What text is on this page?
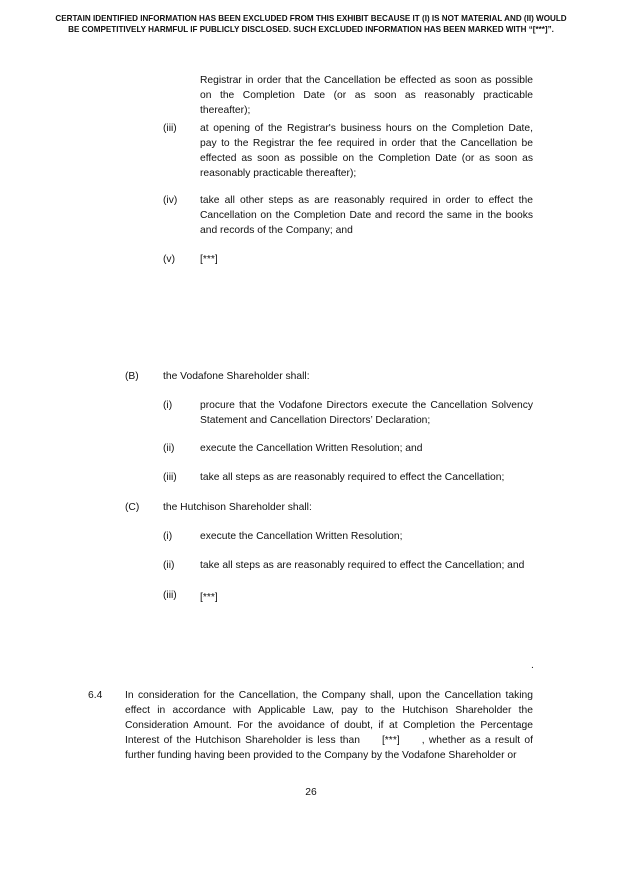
CERTAIN IDENTIFIED INFORMATION HAS BEEN EXCLUDED FROM THIS EXHIBIT BECAUSE IT (I) IS NOT MATERIAL AND (II) WOULD
BE COMPETITIVELY HARMFUL IF PUBLICLY DISCLOSED. SUCH EXCLUDED INFORMATION HAS BEEN MARKED WITH “[***]”.
Registrar in order that the Cancellation be effected as soon as possible on the Completion Date (or as soon as reasonably practicable thereafter);
(iii) at opening of the Registrar's business hours on the Completion Date, pay to the Registrar the fee required in order that the Cancellation be effected as soon as possible on the Completion Date (or as soon as reasonably practicable thereafter);
(iv) take all other steps as are reasonably required in order to effect the Cancellation on the Completion Date and record the same in the books and records of the Company; and
(v) [***]
(B) the Vodafone Shareholder shall:
(i)	procure that the Vodafone Directors execute the Cancellation Solvency Statement and Cancellation Directors’ Declaration;
(ii) execute the Cancellation Written Resolution; and
(iii) take all steps as are reasonably required to effect the Cancellation;
(C) the Hutchison Shareholder shall:
(i)	execute the Cancellation Written Resolution;
(ii) take all steps as are reasonably required to effect the Cancellation; and
(iii) [***]
.
6.4 In consideration for the Cancellation, the Company shall, upon the Cancellation taking effect in accordance with Applicable Law, pay to the Hutchison Shareholder the Consideration Amount. For the avoidance of doubt, if at Completion the Percentage Interest of the Hutchison Shareholder is less than [***] , whether as a result of further funding having been provided to the Company by the Vodafone Shareholder or
26
